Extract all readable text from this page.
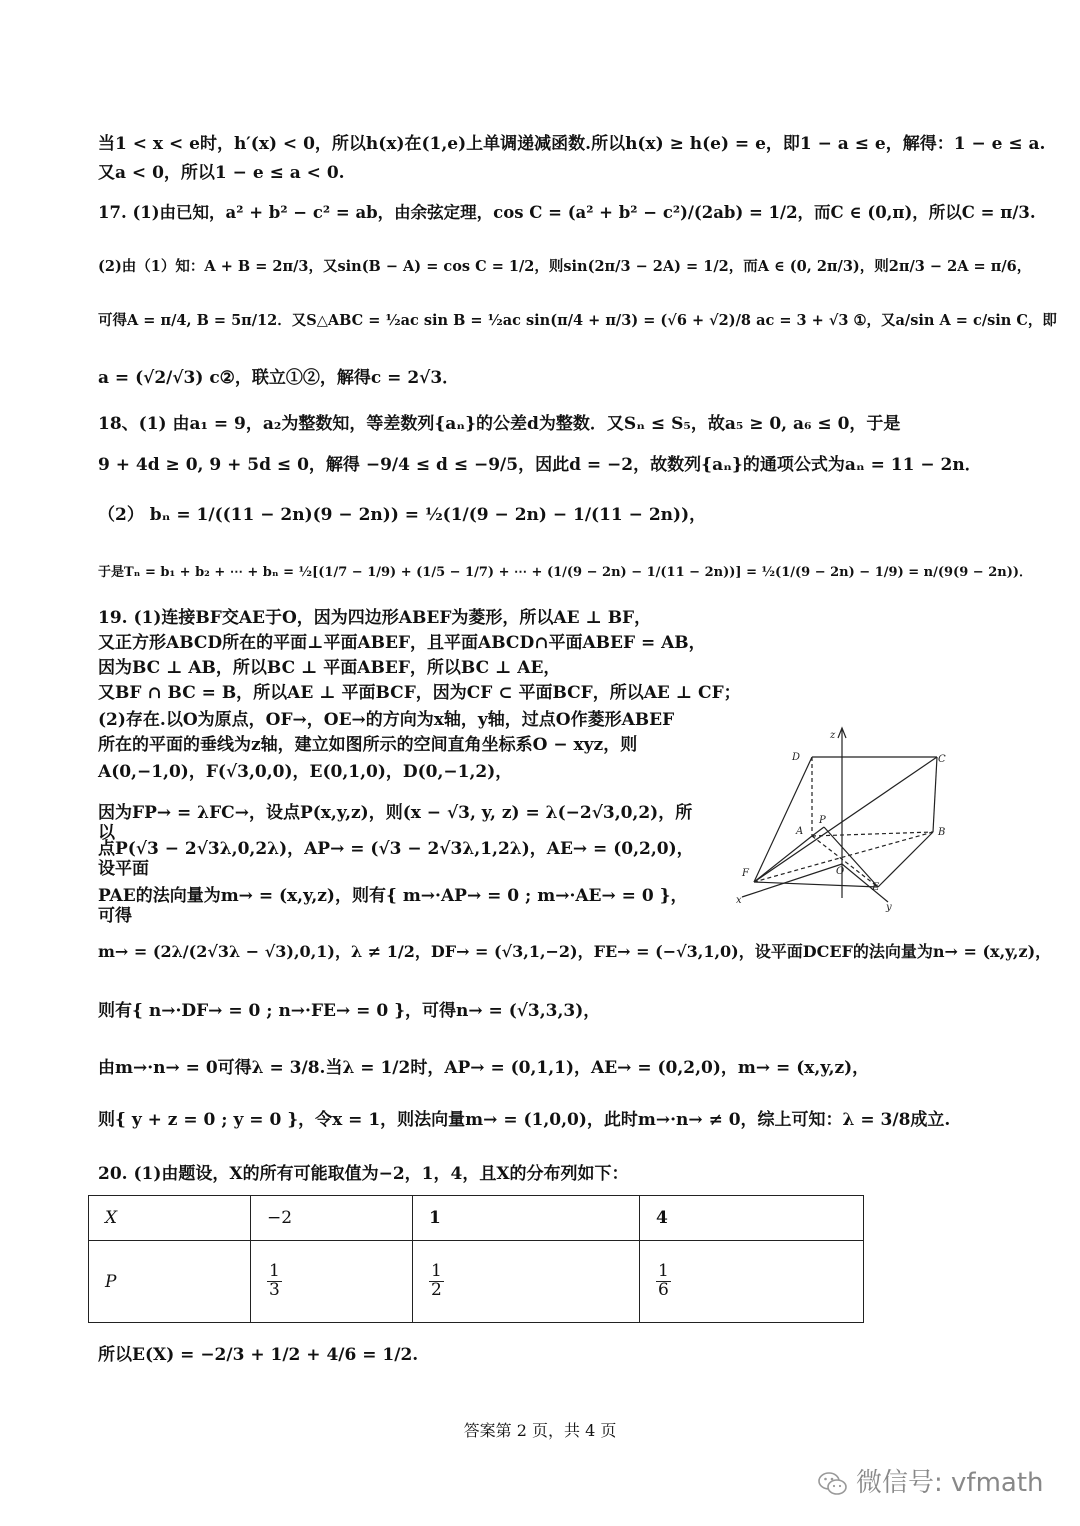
当1 < x < e时，h′(x) < 0，所以h(x)在(1,e)上单调递减函数.所以h(x) ≥ h(e) = e，即1 − a ≤ e，解得：1 − e ≤ a.
又a < 0，所以1 − e ≤ a < 0.
17. (1)由已知，a² + b² − c² = ab，由余弦定理，cos C = (a² + b² − c²)/(2ab) = 1/2，而C ∈ (0,π)，所以C = π/3.
(2)由（1）知：A + B = 2π/3，又sin(B − A) = cos C = 1/2，则sin(2π/3 − 2A) = 1/2，而A ∈ (0, 2π/3)，则2π/3 − 2A = π/6，
可得A = π/4, B = 5π/12．又S△ABC = ½ac sin B = ½ac sin(π/4 + π/3) = (√6 + √2)/8 ac = 3 + √3 ①，又a/sin A = c/sin C，即
a = (√2/√3) c②，联立①②，解得c = 2√3．
18、(1) 由a₁ = 9，a₂为整数知，等差数列{aₙ}的公差d为整数．又Sₙ ≤ S₅，故a₅ ≥ 0, a₆ ≤ 0，于是
9 + 4d ≥ 0, 9 + 5d ≤ 0，解得 −9/4 ≤ d ≤ −9/5，因此d = −2，故数列{aₙ}的通项公式为aₙ = 11 − 2n．
（2） bₙ = 1/((11 − 2n)(9 − 2n)) = ½(1/(9 − 2n) − 1/(11 − 2n))，
于是Tₙ = b₁ + b₂ + ⋯ + bₙ = ½[(1/7 − 1/9) + (1/5 − 1/7) + ⋯ + (1/(9 − 2n) − 1/(11 − 2n))] = ½(1/(9 − 2n) − 1/9) = n/(9(9 − 2n))．
19. (1)连接BF交AE于O，因为四边形ABEF为菱形，所以AE ⊥ BF，
又正方形ABCD所在的平面⊥平面ABEF，且平面ABCD∩平面ABEF = AB，
因为BC ⊥ AB，所以BC ⊥ 平面ABEF，所以BC ⊥ AE，
又BF ∩ BC = B，所以AE ⊥ 平面BCF，因为CF ⊂ 平面BCF，所以AE ⊥ CF；
(2)存在.以O为原点，OF→，OE→的方向为x轴，y轴，过点O作菱形ABEF
所在的平面的垂线为z轴，建立如图所示的空间直角坐标系O − xyz，则
A(0,−1,0)，F(√3,0,0)，E(0,1,0)，D(0,−1,2)，
因为FP→ = λFC→，设点P(x,y,z)，则(x − √3, y, z) = λ(−2√3,0,2)，所以
点P(√3 − 2√3λ,0,2λ)，AP→ = (√3 − 2√3λ,1,2λ)，AE→ = (0,2,0)，设平面
PAE的法向量为m→ = (x,y,z)，则有{ m→·AP→ = 0 ; m→·AE→ = 0 }，可得
m→ = (2λ/(2√3λ − √3),0,1)，λ ≠ 1/2，DF→ = (√3,1,−2)，FE→ = (−√3,1,0)，设平面DCEF的法向量为n→ = (x,y,z)，
则有{ n→·DF→ = 0 ; n→·FE→ = 0 }，可得n→ = (√3,3,3)，
由m→·n→ = 0可得λ = 3/8.当λ = 1/2时，AP→ = (0,1,1)，AE→ = (0,2,0)，m→ = (x,y,z)，
则{ y + z = 0 ; y = 0 }，令x = 1，则法向量m→ = (1,0,0)，此时m→·n→ ≠ 0，综上可知：λ = 3/8成立.
20. (1)由题设，X的所有可能取值为−2，1，4，且X的分布列如下：
所以E(X) = −2/3 + 1/2 + 4/6 = 1/2.
z
D	C
A
P
B
F	O
E
x
y
X	−2	1	4
P	$\frac{1}{3}$	$\frac{1}{2}$	$\frac{1}{6}$
答案第 2 页，共 4 页
微信号: vfmath
